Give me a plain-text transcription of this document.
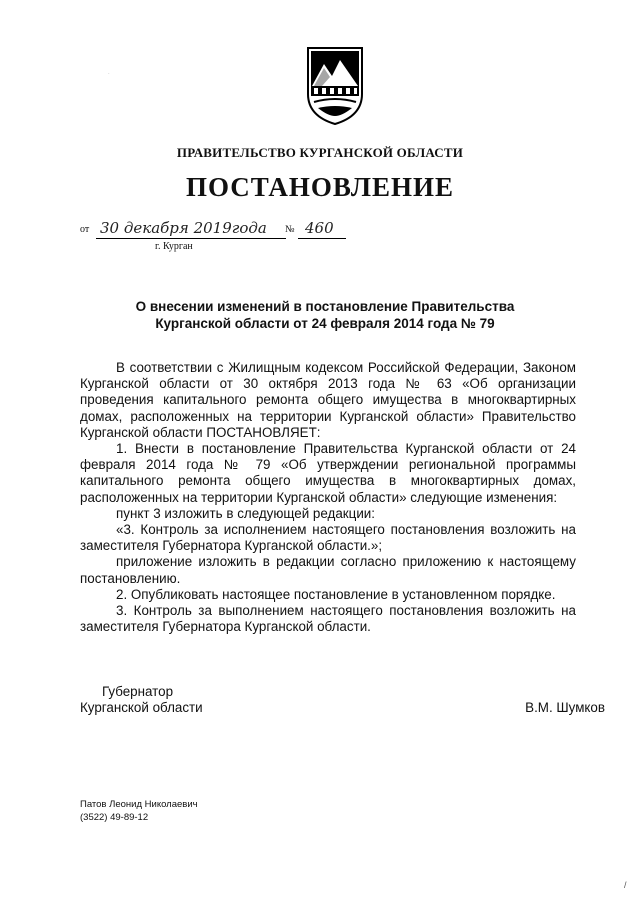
.
ПРАВИТЕЛЬСТВО КУРГАНСКОЙ ОБЛАСТИ
ПОСТАНОВЛЕНИЕ
от 30 декабря 2019года № 460
г. Курган
О внесении изменений в постановление Правительства
Курганской области от 24 февраля 2014 года № 79

В соответствии с Жилищным кодексом Российской Федерации, Законом Курганской области от 30 октября 2013 года № 63 «Об организации проведения капитального ремонта общего имущества в многоквартирных домах, расположенных на территории Курганской области» Правительство Курганской области ПОСТАНОВЛЯЕТ:

1. Внести в постановление Правительства Курганской области от 24 февраля 2014 года № 79 «Об утверждении региональной программы капитального ремонта общего имущества в многоквартирных домах, расположенных на территории Курганской области» следующие изменения:

пункт 3 изложить в следующей редакции:

«3. Контроль за исполнением настоящего постановления возложить на заместителя Губернатора Курганской области.»;

приложение изложить в редакции согласно приложению к настоящему постановлению.

2. Опубликовать настоящее постановление в установленном порядке.

3. Контроль за выполнением настоящего постановления возложить на заместителя Губернатора Курганской области.

Губернатор
Курганской области	В.М. Шумков
Патов Леонид Николаевич
(3522) 49-89-12
/
